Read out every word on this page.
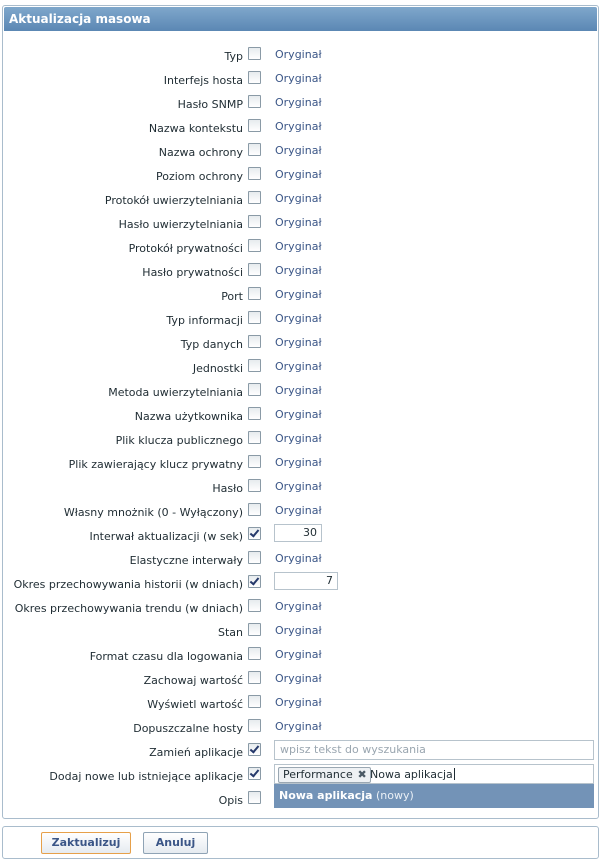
Aktualizacja masowa
Typ	Oryginał
Interfejs hosta	Oryginał
Hasło SNMP	Oryginał
Nazwa kontekstu	Oryginał
Nazwa ochrony	Oryginał
Poziom ochrony	Oryginał
Protokół uwierzytelniania	Oryginał
Hasło uwierzytelniania	Oryginał
Protokół prywatności	Oryginał
Hasło prywatności	Oryginał
Port	Oryginał
Typ informacji	Oryginał
Typ danych	Oryginał
Jednostki	Oryginał
Metoda uwierzytelniania	Oryginał
Nazwa użytkownika	Oryginał
Plik klucza publicznego	Oryginał
Plik zawierający klucz prywatny	Oryginał
Hasło	Oryginał
Własny mnożnik (0 - Wyłączony)	Oryginał
Interwał aktualizacji (w sek)	30
Elastyczne interwały	Oryginał
Okres przechowywania historii (w dniach)	7
Okres przechowywania trendu (w dniach)	Oryginał
Stan	Oryginał
Format czasu dla logowania	Oryginał
Zachowaj wartość	Oryginał
Wyświetl wartość	Oryginał
Dopuszczalne hosty	Oryginał
Zamień aplikacje	wpisz tekst do wyszukania
Dodaj nowe lub istniejące aplikacje	Performance ✖ Nowa aplikacja
Nowa aplikacja (nowy)
Opis
Zaktualizuj	Anuluj
